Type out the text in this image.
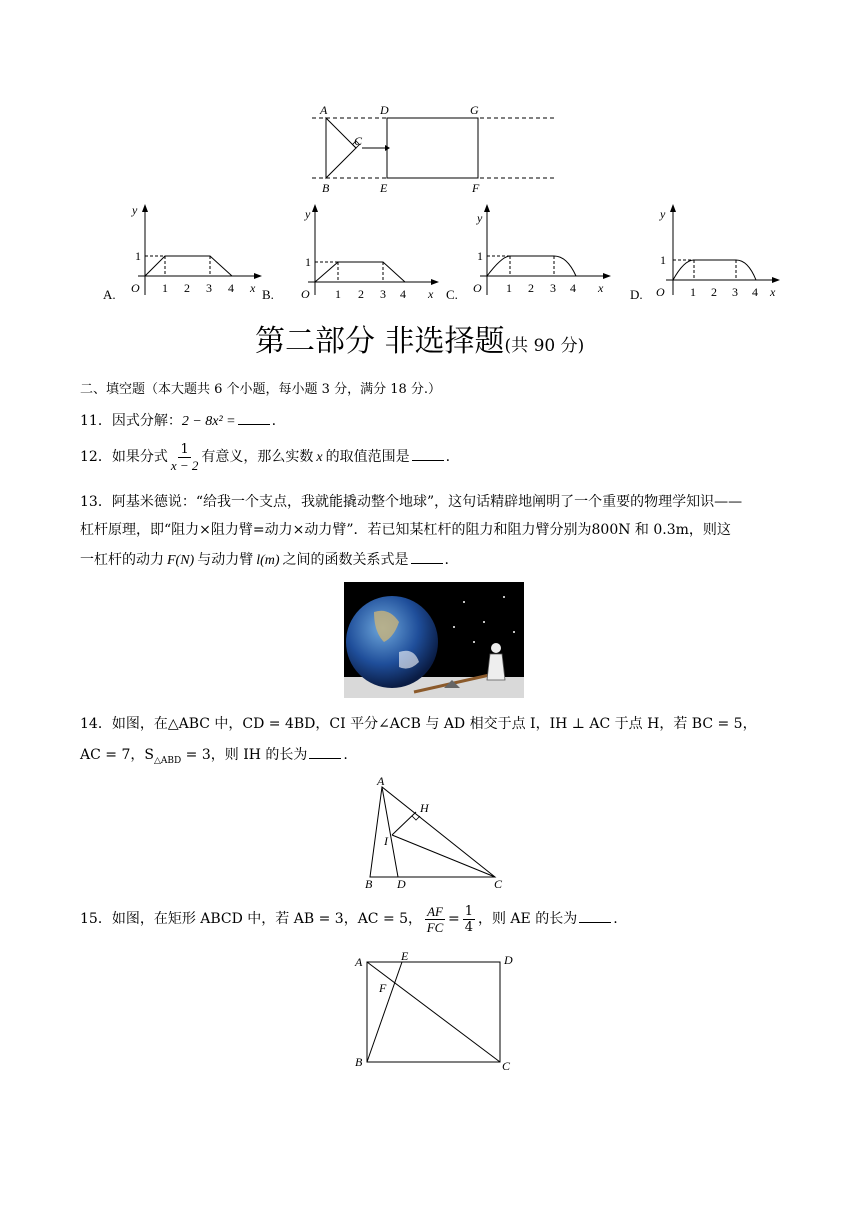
A
B
C
D
E	F
G
A.
y
x
O
1
1 2 3 4 B.
y
x
O
1
1 2 3 4	C.
y
x
O
1
1 2 3 4	D.
y
x
O
1
1 2 3 4
第二部分 非选择题(共 90 分)
二、填空题（本大题共 6 个小题，每小题 3 分，满分 18 分.）
11．因式分解：2 − 8x² =	.
12．如果分式 $\frac{1}{x - 2}$ 有意义，那么实数 x 的取值范围是	.
13．阿基米德说：“给我一个支点，我就能撬动整个地球”，这句话精辟地阐明了一个重要的物理学知识——
杠杆原理，即“阻力×阻力臂=动力×动力臂”．若已知某杠杆的阻力和阻力臂分别为800N 和 0.3m，则这
一杠杆的动力 F(N) 与动力臂 l(m) 之间的函数关系式是	.
14．如图，在△ABC 中，CD = 4BD，CI 平分∠ACB 与 AD 相交于点 I，IH ⊥ AC 于点 H，若 BC = 5，
AC = 7，$S_{\triangle ABD} = 3$，则 IH 的长为	.
A
B	C
D
H
I
15．如图，在矩形 ABCD 中，若 AB = 3，AC = 5， $\frac{AF}{FC} = \frac{1}{4}$ ，则 AE 的长为	.
A
B	C
D
E
F
